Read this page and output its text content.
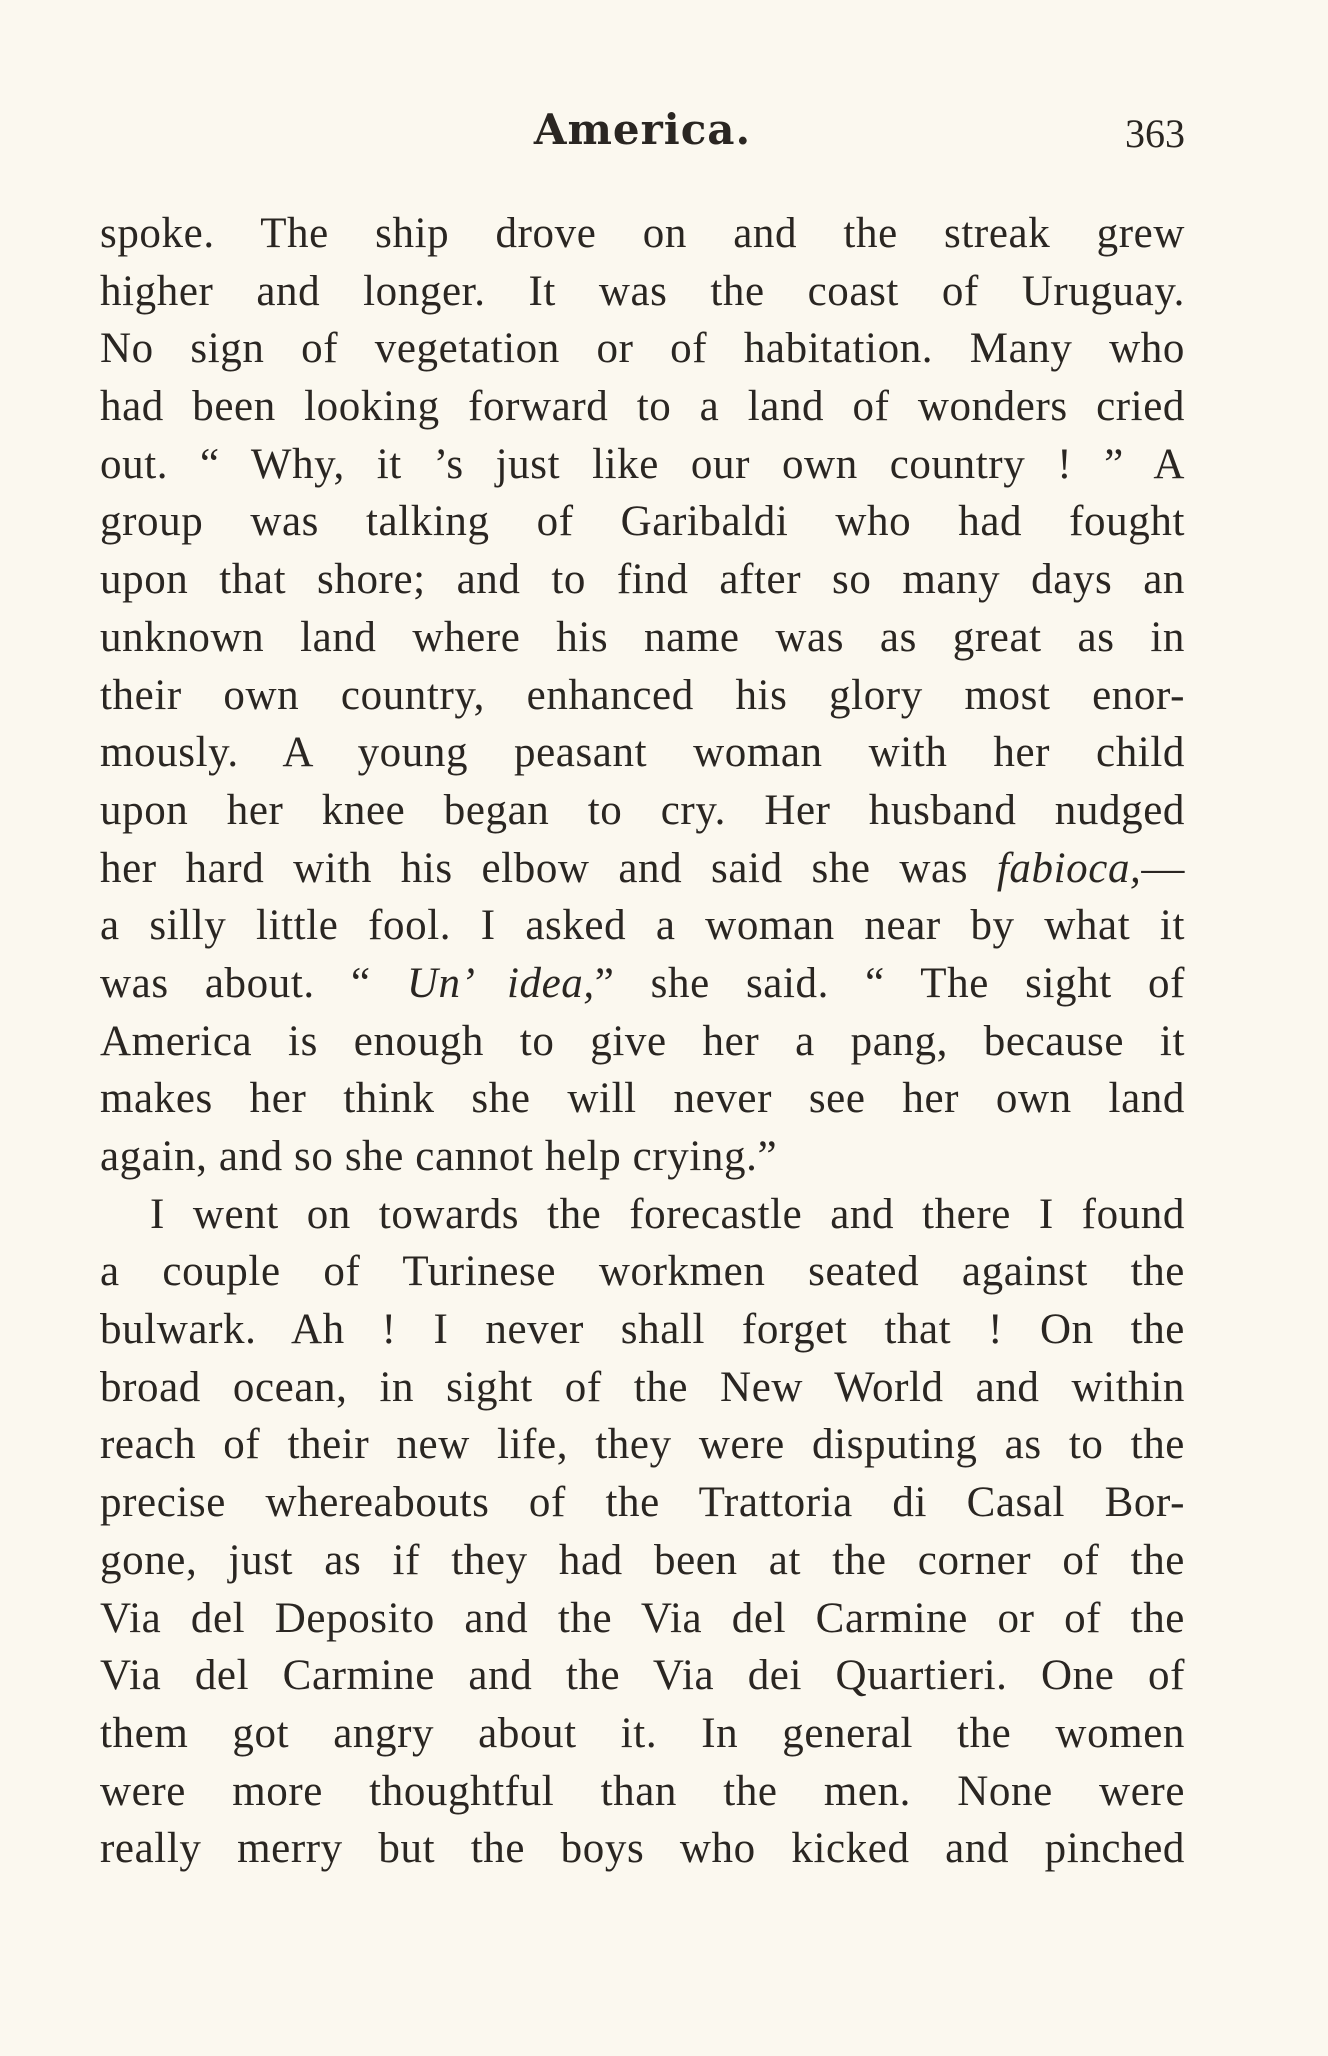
America.	363
spoke. The ship drove on and the streak grew
higher and longer. It was the coast of Uruguay.
No sign of vegetation or of habitation. Many who
had been looking forward to a land of wonders cried
out. “ Why, it ’s just like our own country ! ” A
group was talking of Garibaldi who had fought
upon that shore; and to find after so many days an
unknown land where his name was as great as in
their own country, enhanced his glory most enor-
mously. A young peasant woman with her child
upon her knee began to cry. Her husband nudged
her hard with his elbow and said she was fabioca,—
a silly little fool. I asked a woman near by what it
was about. “ Un’ idea,” she said. “ The sight of
America is enough to give her a pang, because it
makes her think she will never see her own land
again, and so she cannot help crying.”
I went on towards the forecastle and there I found
a couple of Turinese workmen seated against the
bulwark. Ah ! I never shall forget that ! On the
broad ocean, in sight of the New World and within
reach of their new life, they were disputing as to the
precise whereabouts of the Trattoria di Casal Bor-
gone, just as if they had been at the corner of the
Via del Deposito and the Via del Carmine or of the
Via del Carmine and the Via dei Quartieri. One of
them got angry about it. In general the women
were more thoughtful than the men. None were
really merry but the boys who kicked and pinched
